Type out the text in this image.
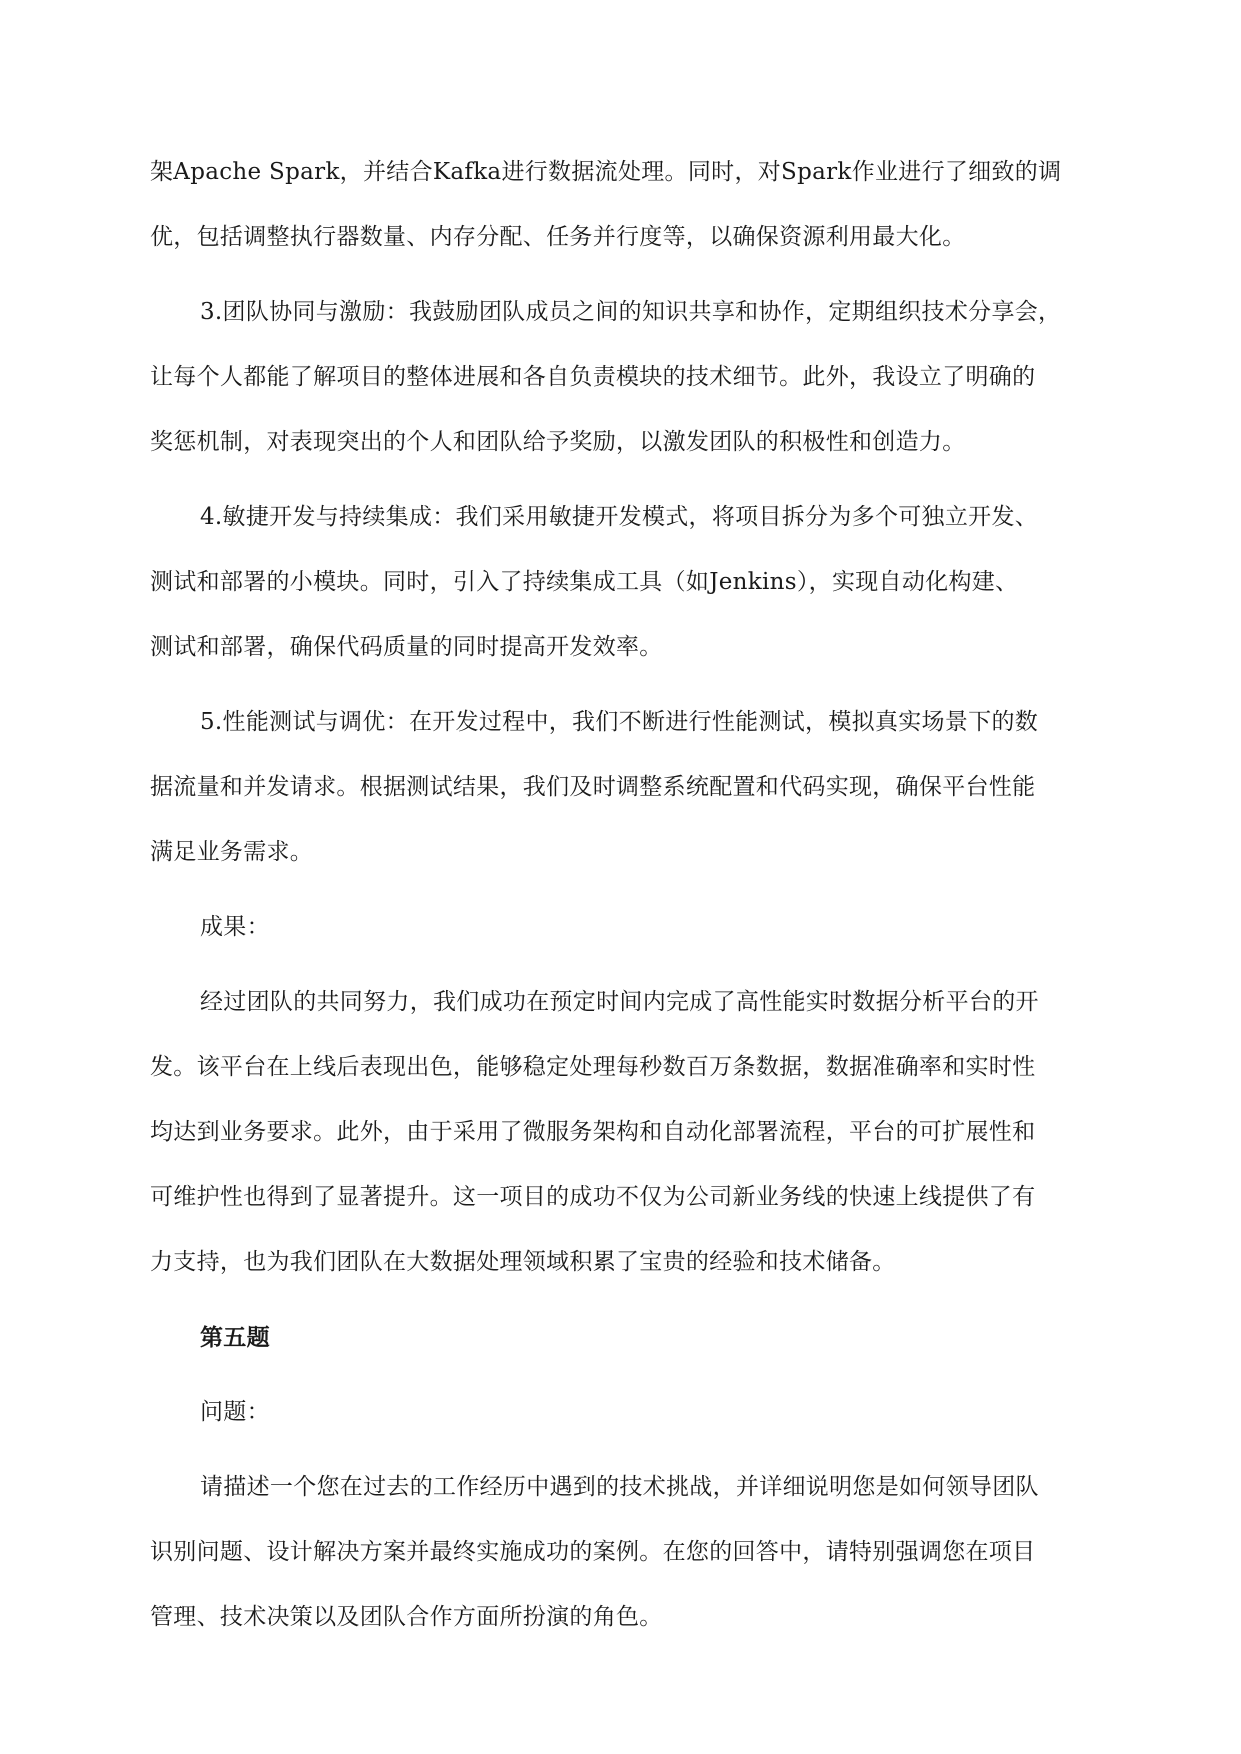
架Apache Spark，并结合Kafka进行数据流处理。同时，对Spark作业进行了细致的调
优，包括调整执行器数量、内存分配、任务并行度等，以确保资源利用最大化。

3.团队协同与激励：我鼓励团队成员之间的知识共享和协作，定期组织技术分享会，
让每个人都能了解项目的整体进展和各自负责模块的技术细节。此外，我设立了明确的
奖惩机制，对表现突出的个人和团队给予奖励，以激发团队的积极性和创造力。

4.敏捷开发与持续集成：我们采用敏捷开发模式，将项目拆分为多个可独立开发、
测试和部署的小模块。同时，引入了持续集成工具（如Jenkins），实现自动化构建、
测试和部署，确保代码质量的同时提高开发效率。

5.性能测试与调优：在开发过程中，我们不断进行性能测试，模拟真实场景下的数
据流量和并发请求。根据测试结果，我们及时调整系统配置和代码实现，确保平台性能
满足业务需求。

成果：

经过团队的共同努力，我们成功在预定时间内完成了高性能实时数据分析平台的开
发。该平台在上线后表现出色，能够稳定处理每秒数百万条数据，数据准确率和实时性
均达到业务要求。此外，由于采用了微服务架构和自动化部署流程，平台的可扩展性和
可维护性也得到了显著提升。这一项目的成功不仅为公司新业务线的快速上线提供了有
力支持，也为我们团队在大数据处理领域积累了宝贵的经验和技术储备。

第五题

问题：

请描述一个您在过去的工作经历中遇到的技术挑战，并详细说明您是如何领导团队
识别问题、设计解决方案并最终实施成功的案例。在您的回答中，请特别强调您在项目
管理、技术决策以及团队合作方面所扮演的角色。
